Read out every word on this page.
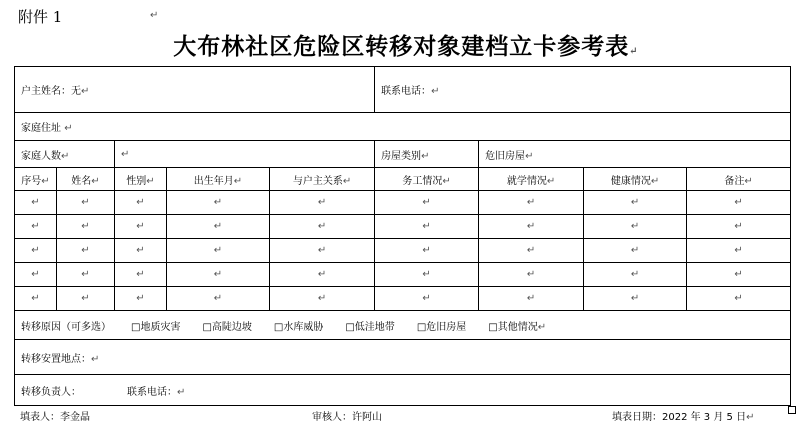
附件 1	↵
大布林社区危险区转移对象建档立卡参考表↵
户主姓名：无↵					联系电话：↵			
家庭住址 ↵								
家庭人数↵		↵			房屋类别↵	危旧房屋↵		
序号↵	姓名↵	性别↵	出生年月↵	与户主关系↵	务工情况↵	就学情况↵	健康情况↵	备注↵
↵	↵	↵	↵	↵	↵	↵	↵	↵
↵	↵	↵	↵	↵	↵	↵	↵	↵
↵	↵	↵	↵	↵	↵	↵	↵	↵
↵	↵	↵	↵	↵	↵	↵	↵	↵
↵	↵	↵	↵	↵	↵	↵	↵	↵
转移原因（可多选） □地质灾害 □高陡边坡 □水库威胁 □低洼地带 □危旧房屋 □其他情况↵								
转移安置地点：↵								
转移负责人： 联系电话：↵								
填表人：李金晶	审核人：许阿山	填表日期：2022 年 3 月 5 日↵
